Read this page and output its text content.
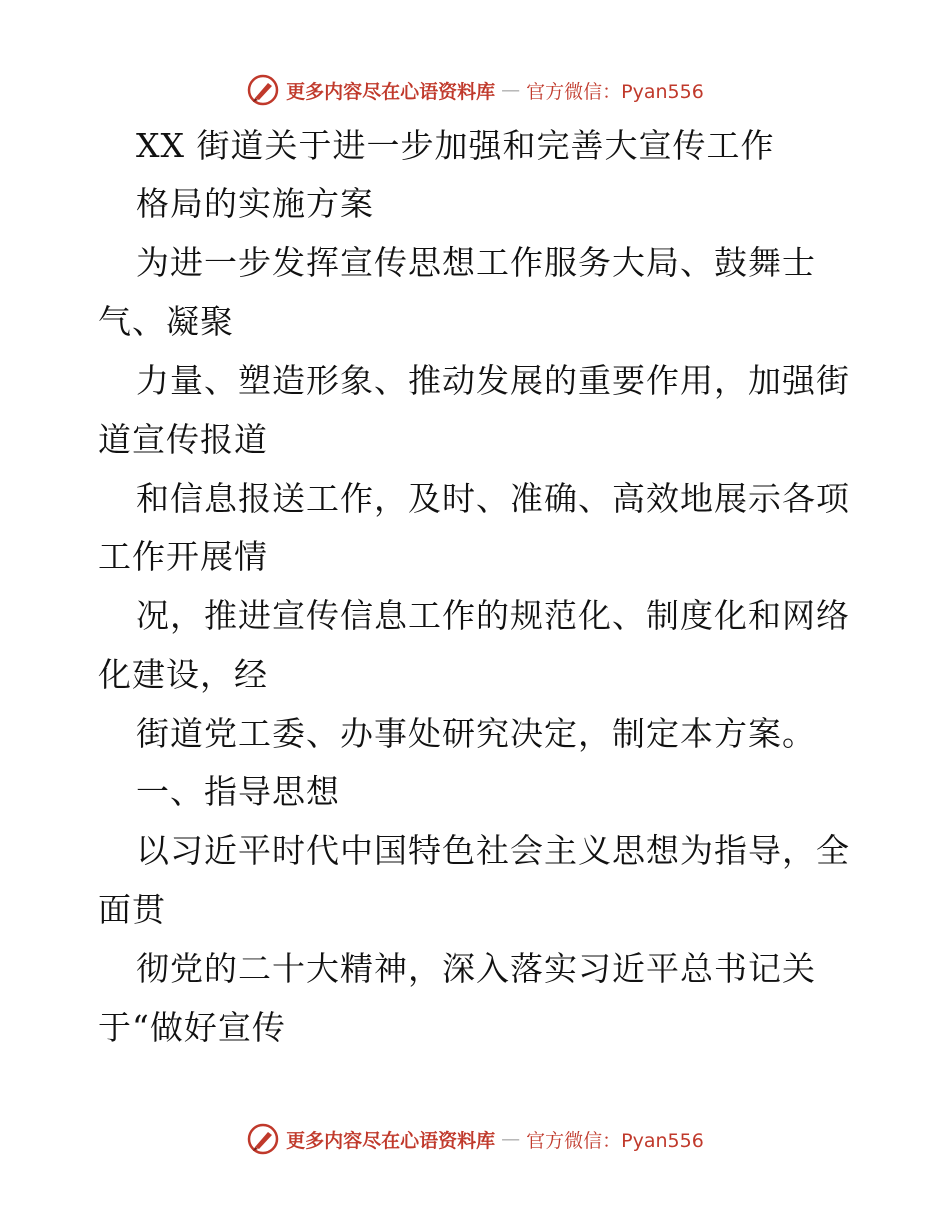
更多内容尽在心语资料库 — 官方微信：Pyan556
XX 街道关于进一步加强和完善大宣传工作
格局的实施方案
为进一步发挥宣传思想工作服务大局、鼓舞士
气、凝聚
力量、塑造形象、推动发展的重要作用，加强街
道宣传报道
和信息报送工作，及时、准确、高效地展示各项
工作开展情
况，推进宣传信息工作的规范化、制度化和网络
化建设，经
街道党工委、办事处研究决定，制定本方案。
一、指导思想
以习近平时代中国特色社会主义思想为指导，全
面贯
彻党的二十大精神，深入落实习近平总书记关
于“做好宣传
更多内容尽在心语资料库 — 官方微信：Pyan556
